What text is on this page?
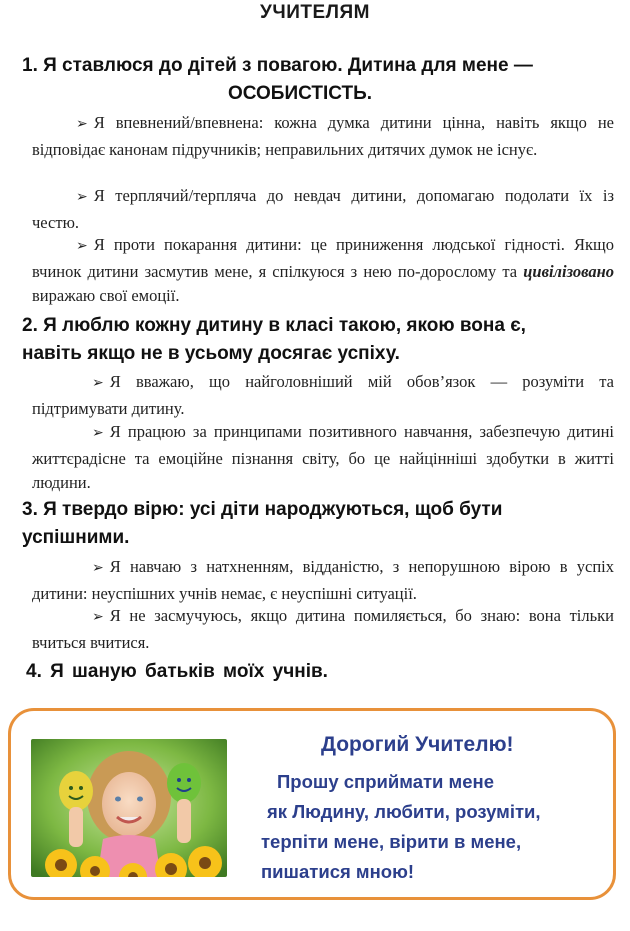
УЧИТЕЛЯМ
1. Я ставлюся до дітей з повагою. Дитина для мене —
ОСОБИСТІСТЬ.
➢ Я впевнений/впевнена: кожна думка дитини цінна, навіть якщо не відповідає канонам підручників; неправильних дитячих думок не існує.
➢ Я терплячий/терпляча до невдач дитини, допомагаю подолати їх із честю.
➢ Я проти покарання дитини: це приниження людської гідності. Якщо вчинок дитини засмутив мене, я спілкуюся з нею по-дорослому та цивілізовано виражаю свої емоції.
2. Я люблю кожну дитину в класі такою, якою вона є,
навіть якщо не в усьому досягає успіху.
➢ Я вважаю, що найголовніший мій обов’язок — розуміти та підтримувати дитину.
➢ Я працюю за принципами позитивного навчання, забезпечую дитині життєрадісне та емоційне пізнання світу, бо це найцінніші здобутки в житті людини.
3. Я твердо вірю: усі діти народжуються, щоб бути
успішними.
➢ Я навчаю з натхненням, відданістю, з непорушною вірою в успіх дитини: неуспішних учнів немає, є неуспішні ситуації.
➢ Я не засмучуюсь, якщо дитина помиляється, бо знаю: вона тільки вчиться вчитися.
4. Я шаную батьків моїх учнів.
Дорогий Учителю!
Прошу сприймати мене
як Людину, любити, розуміти,
терпіти мене, вірити в мене,
пишатися мною!
